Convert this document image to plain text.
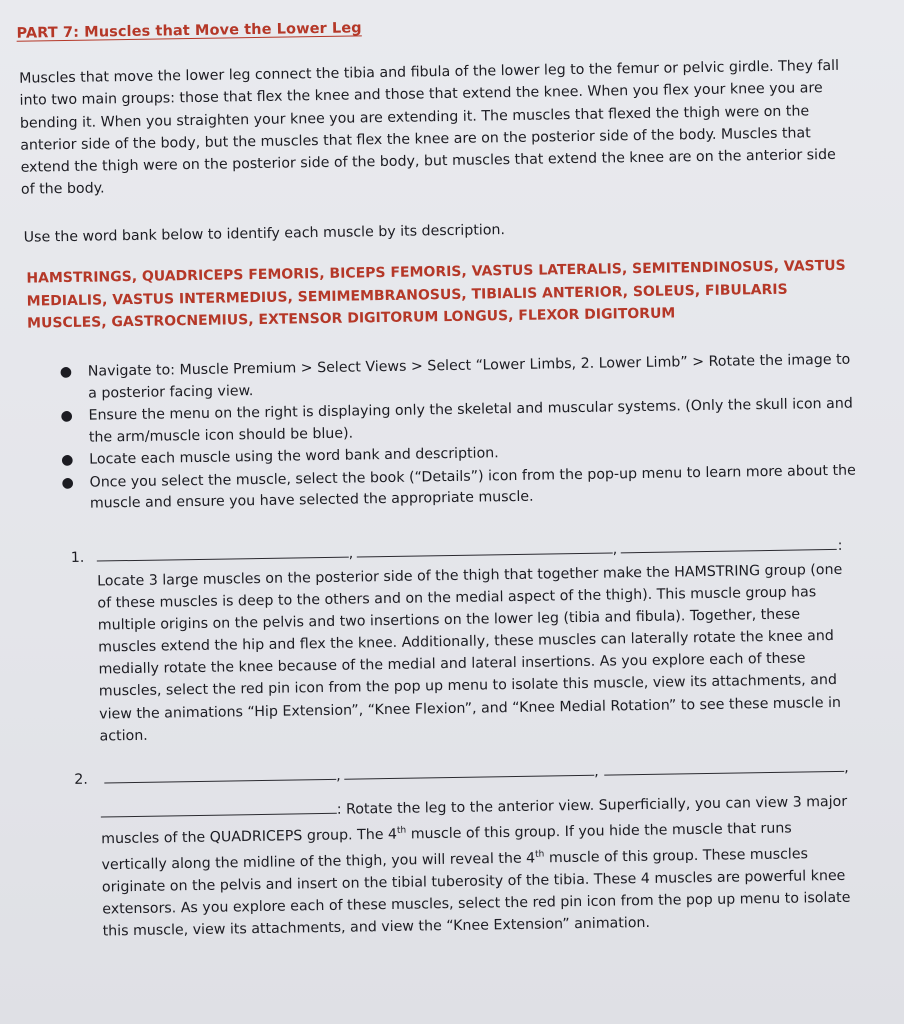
PART 7: Muscles that Move the Lower Leg
Muscles that move the lower leg connect the tibia and fibula of the lower leg to the femur or pelvic girdle. They fall into two main groups: those that flex the knee and those that extend the knee. When you flex your knee you are bending it. When you straighten your knee you are extending it. The muscles that flexed the thigh were on the anterior side of the body, but the muscles that flex the knee are on the posterior side of the body. Muscles that extend the thigh were on the posterior side of the body, but muscles that extend the knee are on the anterior side of the body.
Use the word bank below to identify each muscle by its description.
HAMSTRINGS, QUADRICEPS FEMORIS, BICEPS FEMORIS, VASTUS LATERALIS, SEMITENDINOSUS, VASTUS MEDIALIS, VASTUS INTERMEDIUS, SEMIMEMBRANOSUS, TIBIALIS ANTERIOR, SOLEUS, FIBULARIS MUSCLES, GASTROCNEMIUS, EXTENSOR DIGITORUM LONGUS, FLEXOR DIGITORUM
● Navigate to: Muscle Premium > Select Views > Select “Lower Limbs, 2. Lower Limb” > Rotate the image to a posterior facing view.
● Ensure the menu on the right is displaying only the skeletal and muscular systems. (Only the skull icon and the arm/muscle icon should be blue).
● Locate each muscle using the word bank and description.
● Once you select the muscle, select the book (“Details”) icon from the pop-up menu to learn more about the muscle and ensure you have selected the appropriate muscle.
1.	,	,	:
Locate 3 large muscles on the posterior side of the thigh that together make the HAMSTRING group (one of these muscles is deep to the others and on the medial aspect of the thigh). This muscle group has multiple origins on the pelvis and two insertions on the lower leg (tibia and fibula). Together, these muscles extend the hip and flex the knee. Additionally, these muscles can laterally rotate the knee and medially rotate the knee because of the medial and lateral insertions. As you explore each of these muscles, select the red pin icon from the pop up menu to isolate this muscle, view its attachments, and view the animations “Hip Extension”, “Knee Flexion”, and “Knee Medial Rotation” to see these muscle in action.
2.	,	,	,
: Rotate the leg to the anterior view. Superficially, you can view 3 major muscles of the QUADRICEPS group. The 4th muscle of this group. If you hide the muscle that runs vertically along the midline of the thigh, you will reveal the 4th muscle of this group. These muscles originate on the pelvis and insert on the tibial tuberosity of the tibia. These 4 muscles are powerful knee extensors. As you explore each of these muscles, select the red pin icon from the pop up menu to isolate this muscle, view its attachments, and view the “Knee Extension” animation.
